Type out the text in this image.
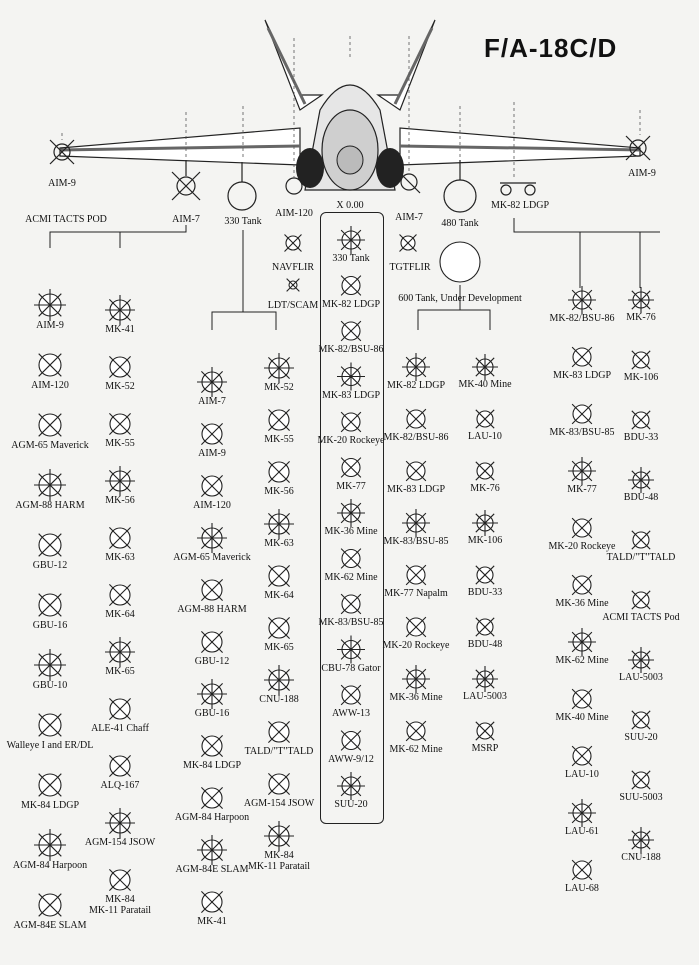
AIM-9
ACMI TACTS POD	AIM-7 330 Tank
AIM-120
X 0.00
AIM-7
480 Tank
MK-82 LDGP
AIM-9
NAVFLIR
LDT/SCAM
TGTFLIR
600 Tank, Under Development
330 Tank
MK-82 LDGP
MK-82/BSU-86
MK-83 LDGP
MK-20 Rockeye
MK-77
MK-36 Mine
MK-62 Mine
MK-83/BSU-85
CBU-78 Gator
AWW-13
AWW-9/12
SUU-20
AIM-9
AIM-120
AGM-65 Maverick
AGM-88 HARM
GBU-12
GBU-16
GBU-10
Walleye I and ER/DL
MK-84 LDGP
AGM-84 Harpoon
AGM-84E SLAM
MK-41
MK-52
MK-55
MK-56
MK-63
MK-64
MK-65
ALE-41 Chaff
ALQ-167
AGM-154 JSOW
MK-84
MK-11 Paratail
AIM-7
AIM-9
AIM-120
AGM-65 Maverick
AGM-88 HARM
GBU-12
GBU-16
MK-84 LDGP
AGM-84 Harpoon
AGM-84E SLAM
MK-41
MK-52
MK-55
MK-56
MK-63
MK-64
MK-65
CNU-188
TALD/"T"TALD
AGM-154 JSOW
MK-84
MK-11 Paratail
MK-82 LDGP
MK-82/BSU-86
MK-83 LDGP
MK-83/BSU-85
MK-77 Napalm
MK-20 Rockeye
MK-36 Mine
MK-62 Mine
MK-40 Mine
LAU-10
MK-76
MK-106
BDU-33
BDU-48
LAU-5003
MSRP
MK-82/BSU-86
MK-83 LDGP
MK-83/BSU-85
MK-77
MK-20 Rockeye
MK-36 Mine
MK-62 Mine
MK-40 Mine
LAU-10
LAU-61
LAU-68
MK-76
MK-106
BDU-33
BDU-48
TALD/"T"TALD
ACMI TACTS Pod
LAU-5003
SUU-20
SUU-5003
CNU-188
F/A-18C/D
